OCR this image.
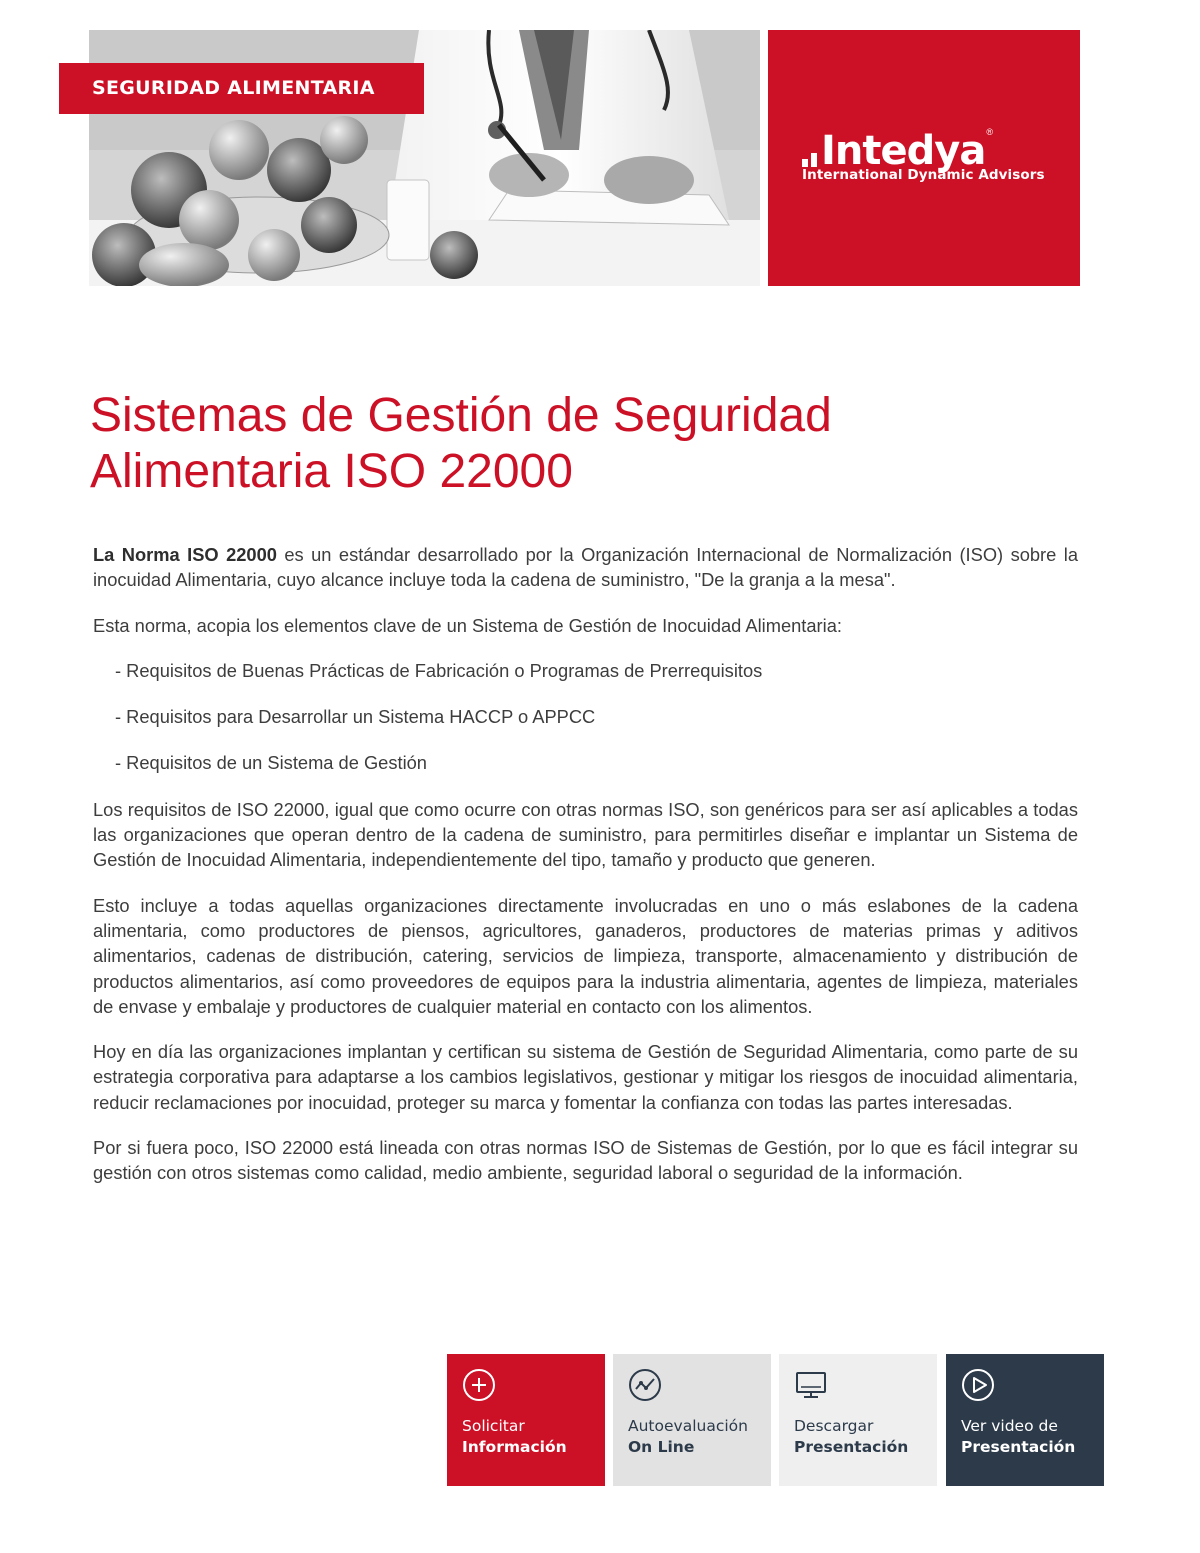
SEGURIDAD ALIMENTARIA
Intedya ®
International Dynamic Advisors
Sistemas de Gestión de Seguridad
Alimentaria ISO 22000

La Norma ISO 22000 es un estándar desarrollado por la Organización Internacional de Normalización (ISO) sobre la inocuidad Alimentaria, cuyo alcance incluye toda la cadena de suministro, "De la granja a la mesa".

Esta norma, acopia los elementos clave de un Sistema de Gestión de Inocuidad Alimentaria:

- Requisitos de Buenas Prácticas de Fabricación o Programas de Prerrequisitos

- Requisitos para Desarrollar un Sistema HACCP o APPCC

- Requisitos de un Sistema de Gestión

Los requisitos de ISO 22000, igual que como ocurre con otras normas ISO, son genéricos para ser así aplicables a todas las organizaciones que operan dentro de la cadena de suministro, para permitirles diseñar e implantar un Sistema de Gestión de Inocuidad Alimentaria, independientemente del tipo, tamaño y producto que generen.

Esto incluye a todas aquellas organizaciones directamente involucradas en uno o más eslabones de la cadena alimentaria, como productores de piensos, agricultores, ganaderos, productores de materias primas y aditivos alimentarios, cadenas de distribución, catering, servicios de limpieza, transporte, almacenamiento y distribución de productos alimentarios, así como proveedores de equipos para la industria alimentaria, agentes de limpieza, materiales de envase y embalaje y productores de cualquier material en contacto con los alimentos.

Hoy en día las organizaciones implantan y certifican su sistema de Gestión de Seguridad Alimentaria, como parte de su estrategia corporativa para adaptarse a los cambios legislativos, gestionar y mitigar los riesgos de inocuidad alimentaria, reducir reclamaciones por inocuidad, proteger su marca y fomentar la confianza con todas las partes interesadas.

Por si fuera poco, ISO 22000 está lineada con otras normas ISO de Sistemas de Gestión, por lo que es fácil integrar su gestión con otros sistemas como calidad, medio ambiente, seguridad laboral o seguridad de la información.

Solicitar
Información
Autoevaluación
On Line
Descargar
Presentación
Ver video de
Presentación
